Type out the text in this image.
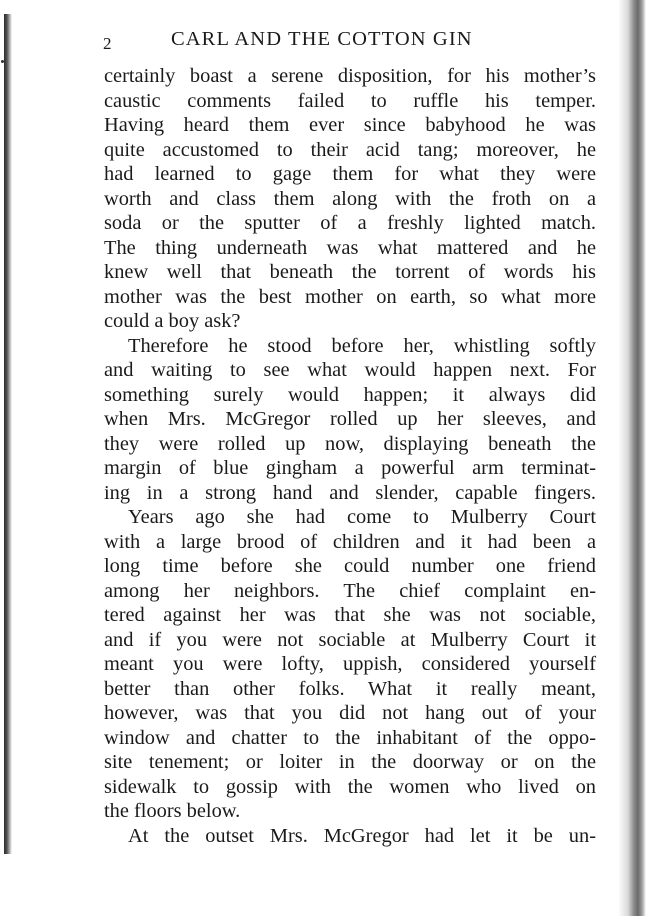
2	CARL AND THE COTTON GIN
certainly boast a serene disposition, for his mother’s
caustic comments failed to ruffle his temper.
Having heard them ever since babyhood he was
quite accustomed to their acid tang; moreover, he
had learned to gage them for what they were
worth and class them along with the froth on a
soda or the sputter of a freshly lighted match.
The thing underneath was what mattered and he
knew well that beneath the torrent of words his
mother was the best mother on earth, so what more
could a boy ask?
Therefore he stood before her, whistling softly
and waiting to see what would happen next. For
something surely would happen; it always did
when Mrs. McGregor rolled up her sleeves, and
they were rolled up now, displaying beneath the
margin of blue gingham a powerful arm terminat-
ing in a strong hand and slender, capable fingers.
Years ago she had come to Mulberry Court
with a large brood of children and it had been a
long time before she could number one friend
among her neighbors. The chief complaint en-
tered against her was that she was not sociable,
and if you were not sociable at Mulberry Court it
meant you were lofty, uppish, considered yourself
better than other folks. What it really meant,
however, was that you did not hang out of your
window and chatter to the inhabitant of the oppo-
site tenement; or loiter in the doorway or on the
sidewalk to gossip with the women who lived on
the floors below.
At the outset Mrs. McGregor had let it be un-
